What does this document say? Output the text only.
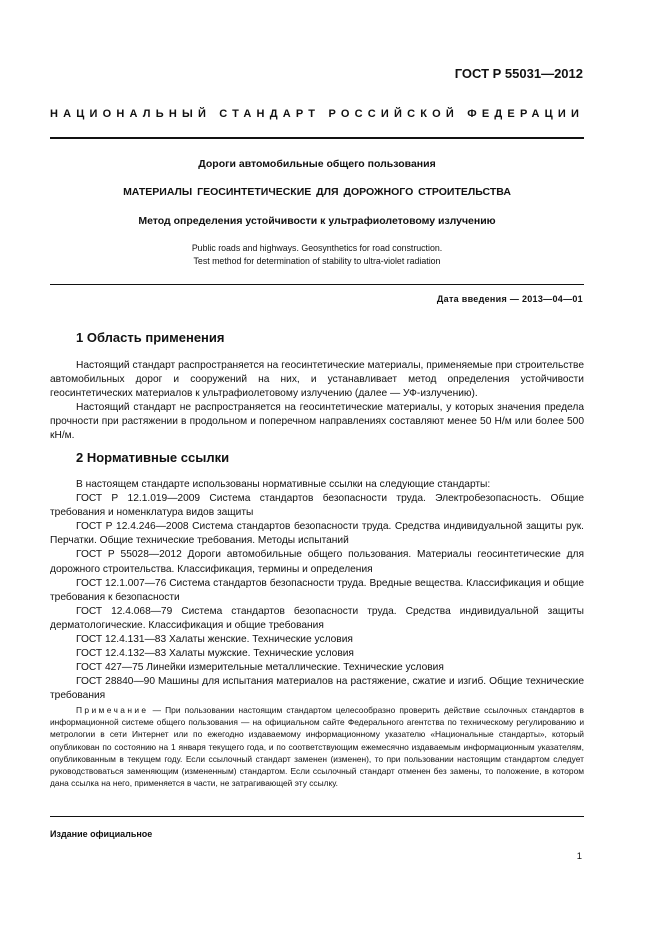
ГОСТ Р 55031—2012
НАЦИОНАЛЬНЫЙ СТАНДАРТ РОССИЙСКОЙ ФЕДЕРАЦИИ
Дороги автомобильные общего пользования
МАТЕРИАЛЫ ГЕОСИНТЕТИЧЕСКИЕ ДЛЯ ДОРОЖНОГО СТРОИТЕЛЬСТВА
Метод определения устойчивости к ультрафиолетовому излучению
Public roads and highways. Geosynthetics for road construction.
Test method for determination of stability to ultra-violet radiation
Дата введения — 2013—04—01
1 Область применения

Настоящий стандарт распространяется на геосинтетические материалы, применяемые при строительстве автомобильных дорог и сооружений на них, и устанавливает метод определения устойчивости геосинтетических материалов к ультрафиолетовому излучению (далее — УФ-излучению).

Настоящий стандарт не распространяется на геосинтетические материалы, у которых значения предела прочности при растяжении в продольном и поперечном направлениях составляют менее 50 Н/м или более 500 кН/м.

2 Нормативные ссылки

В настоящем стандарте использованы нормативные ссылки на следующие стандарты:

ГОСТ Р 12.1.019—2009 Система стандартов безопасности труда. Электробезопасность. Общие требования и номенклатура видов защиты

ГОСТ Р 12.4.246—2008 Система стандартов безопасности труда. Средства индивидуальной защиты рук. Перчатки. Общие технические требования. Методы испытаний

ГОСТ Р 55028—2012 Дороги автомобильные общего пользования. Материалы геосинтетические для дорожного строительства. Классификация, термины и определения

ГОСТ 12.1.007—76 Система стандартов безопасности труда. Вредные вещества. Классификация и общие требования к безопасности

ГОСТ 12.4.068—79 Система стандартов безопасности труда. Средства индивидуальной защиты дерматологические. Классификация и общие требования

ГОСТ 12.4.131—83 Халаты женские. Технические условия

ГОСТ 12.4.132—83 Халаты мужские. Технические условия

ГОСТ 427—75 Линейки измерительные металлические. Технические условия

ГОСТ 28840—90 Машины для испытания материалов на растяжение, сжатие и изгиб. Общие технические требования

Примечание — При пользовании настоящим стандартом целесообразно проверить действие ссылочных стандартов в информационной системе общего пользования — на официальном сайте Федерального агентства по техническому регулированию и метрологии в сети Интернет или по ежегодно издаваемому информационному указателю «Национальные стандарты», который опубликован по состоянию на 1 января текущего года, и по соответствующим ежемесячно издаваемым информационным указателям, опубликованным в текущем году. Если ссылочный стандарт заменен (изменен), то при пользовании настоящим стандартом следует руководствоваться заменяющим (измененным) стандартом. Если ссылочный стандарт отменен без замены, то положение, в котором дана ссылка на него, применяется в части, не затрагивающей эту ссылку.

Издание официальное
1
